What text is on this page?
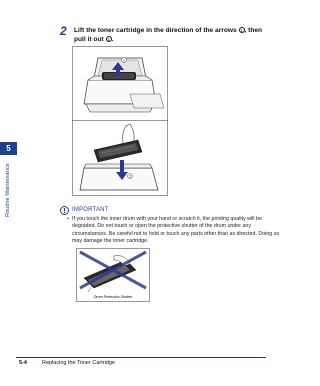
5
Routine Maintenance
2	Lift the toner cartridge in the direction of the arrows 1 , then pull it out 2 .
1
2
IMPORTANT
• If you touch the inner drum with your hand or scratch it, the printing quality will be degraded. Do not touch or open the protective shutter of the drum under any circumstances. Be careful not to hold or touch any parts other than as directed. Doing so may damage the toner cartridge.
Drum Protective Shutter
5-4	Replacing the Toner Cartridge
